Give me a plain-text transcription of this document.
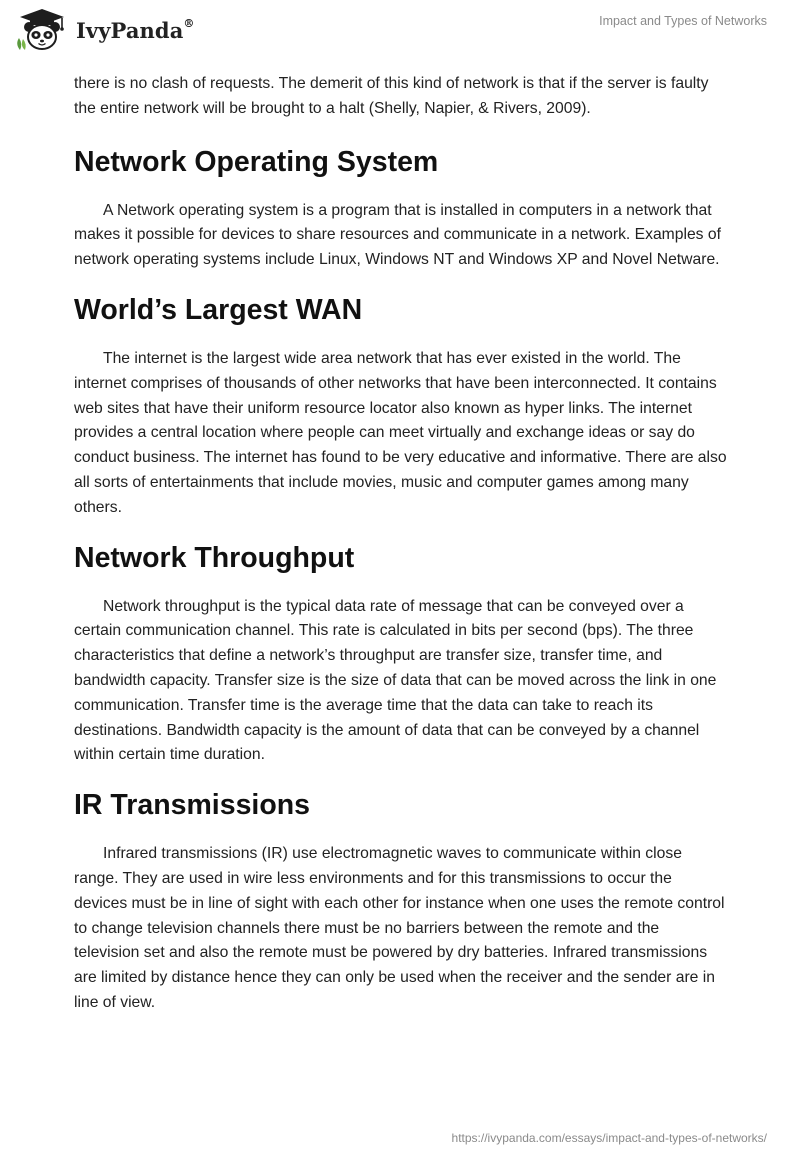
IvyPanda®	Impact and Types of Networks

there is no clash of requests. The demerit of this kind of network is that if the server is faulty the entire network will be brought to a halt (Shelly, Napier, & Rivers, 2009).

Network Operating System

A Network operating system is a program that is installed in computers in a network that makes it possible for devices to share resources and communicate in a network. Examples of network operating systems include Linux, Windows NT and Windows XP and Novel Netware.

World’s Largest WAN

The internet is the largest wide area network that has ever existed in the world. The internet comprises of thousands of other networks that have been interconnected. It contains web sites that have their uniform resource locator also known as hyper links. The internet provides a central location where people can meet virtually and exchange ideas or say do conduct business. The internet has found to be very educative and informative. There are also all sorts of entertainments that include movies, music and computer games among many others.

Network Throughput

Network throughput is the typical data rate of message that can be conveyed over a certain communication channel. This rate is calculated in bits per second (bps). The three characteristics that define a network’s throughput are transfer size, transfer time, and bandwidth capacity. Transfer size is the size of data that can be moved across the link in one communication. Transfer time is the average time that the data can take to reach its destinations. Bandwidth capacity is the amount of data that can be conveyed by a channel within certain time duration.

IR Transmissions

Infrared transmissions (IR) use electromagnetic waves to communicate within close range. They are used in wire less environments and for this transmissions to occur the devices must be in line of sight with each other for instance when one uses the remote control to change television channels there must be no barriers between the remote and the television set and also the remote must be powered by dry batteries. Infrared transmissions are limited by distance hence they can only be used when the receiver and the sender are in line of view.

https://ivypanda.com/essays/impact-and-types-of-networks/
